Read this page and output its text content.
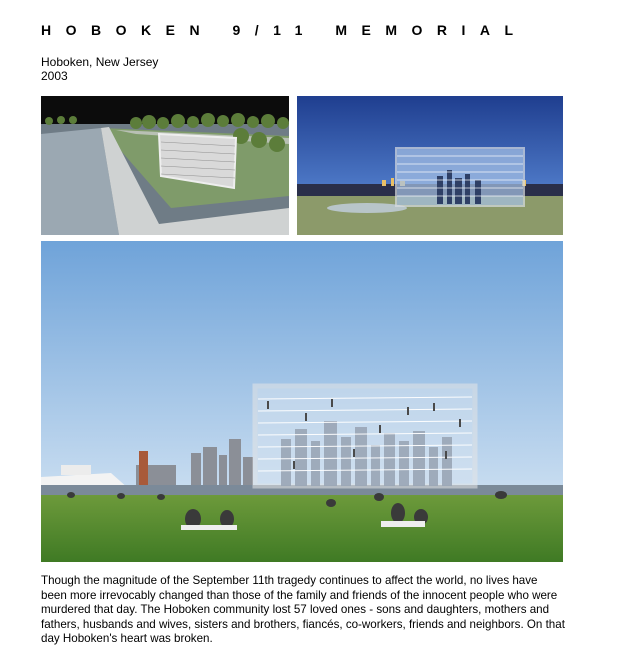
HOBOKEN 9/11 MEMORIAL
Hoboken, New Jersey
2003
Though the magnitude of the September 11th tragedy continues to affect the world, no lives have been more irrevocably changed than those of the family and friends of the innocent people who were murdered that day. The Hoboken community lost 57 loved ones - sons and daughters, mothers and fathers, husbands and wives, sisters and brothers, fiancés, co-workers, friends and neighbors. On that day Hoboken's heart was broken.
